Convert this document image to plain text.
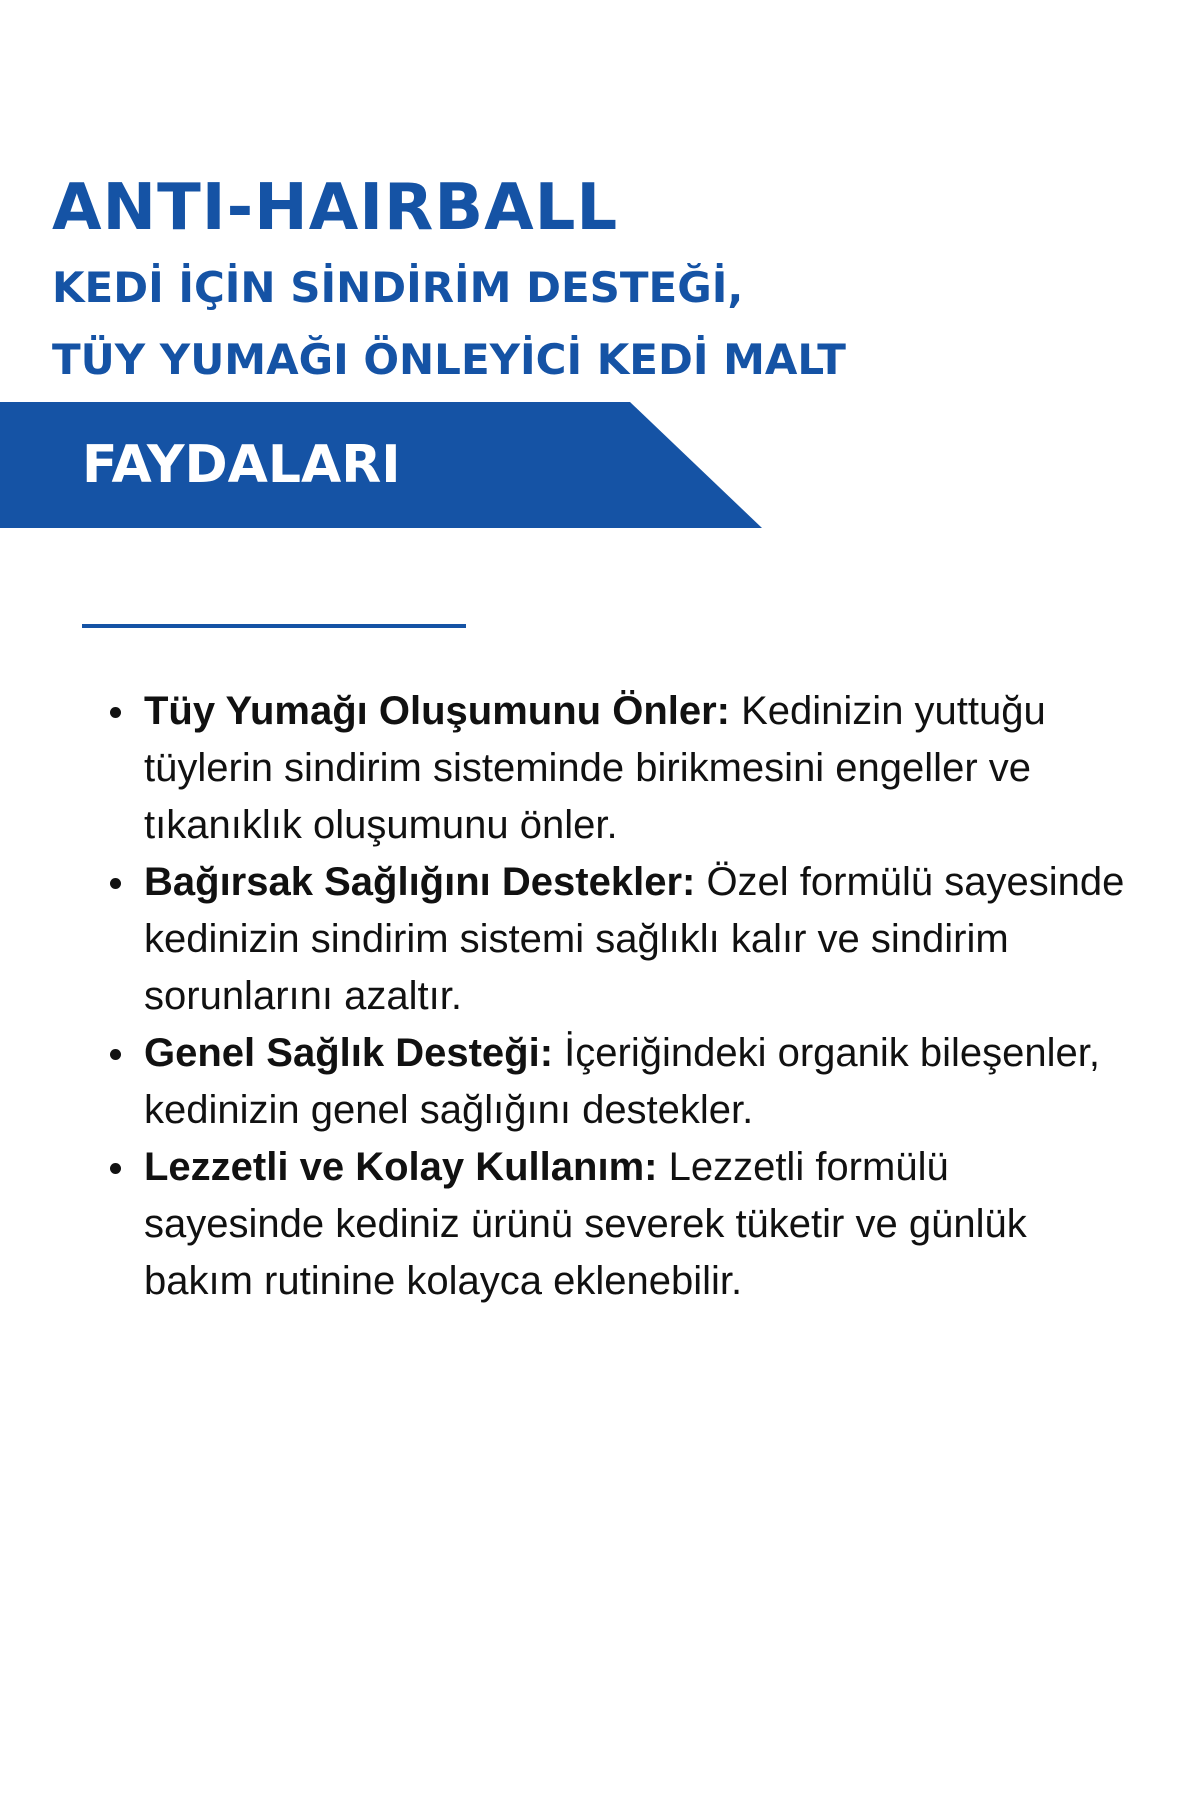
ANTI-HAIRBALL
KEDİ İÇİN SİNDİRİM DESTEĞİ,
TÜY YUMAĞI ÖNLEYİCİ KEDİ MALT
FAYDALARI
Tüy Yumağı Oluşumunu Önler: Kedinizin yuttuğu tüylerin sindirim sisteminde birikmesini engeller ve tıkanıklık oluşumunu önler.
Bağırsak Sağlığını Destekler: Özel formülü sayesinde kedinizin sindirim sistemi sağlıklı kalır ve sindirim sorunlarını azaltır.
Genel Sağlık Desteği: İçeriğindeki organik bileşenler, kedinizin genel sağlığını destekler.
Lezzetli ve Kolay Kullanım: Lezzetli formülü sayesinde kediniz ürünü severek tüketir ve günlük bakım rutinine kolayca eklenebilir.
